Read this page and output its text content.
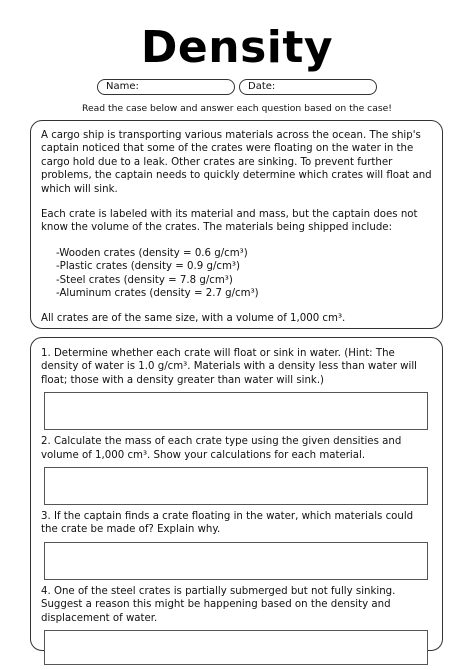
Density
Name:	Date:
Read the case below and answer each question based on the case!

A cargo ship is transporting various materials across the ocean. The ship's captain noticed that some of the crates were floating on the water in the cargo hold due to a leak. Other crates are sinking. To prevent further problems, the captain needs to quickly determine which crates will float and which will sink.

Each crate is labeled with its material and mass, but the captain does not know the volume of the crates. The materials being shipped include:

-Wooden crates (density = 0.6 g/cm³)
-Plastic crates (density = 0.9 g/cm³)
-Steel crates (density = 7.8 g/cm³)
-Aluminum crates (density = 2.7 g/cm³)

All crates are of the same size, with a volume of 1,000 cm³.

1. Determine whether each crate will float or sink in water. (Hint: The density of water is 1.0 g/cm³. Materials with a density less than water will float; those with a density greater than water will sink.)

2. Calculate the mass of each crate type using the given densities and volume of 1,000 cm³. Show your calculations for each material.

3. If the captain finds a crate floating in the water, which materials could the crate be made of? Explain why.

4. One of the steel crates is partially submerged but not fully sinking. Suggest a reason this might be happening based on the density and displacement of water.
